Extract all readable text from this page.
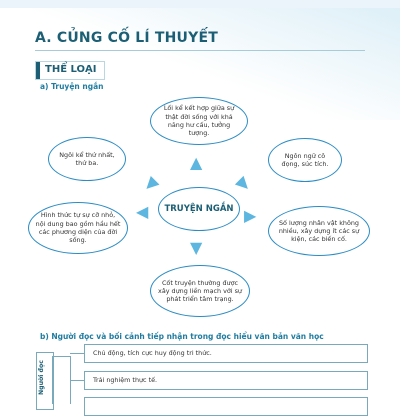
A. CỦNG CỐ LÍ THUYẾT
THỂ LOẠI
a) Truyện ngắn
Lối kể kết hợp giữa sự thật đời sống với khả năng hư cấu, tưởng tượng.
Ngôi kể thứ nhất, thứ ba.
Ngôn ngữ cô đọng, súc tích.
Hình thức tự sự cỡ nhỏ, nội dung bao gồm hầu hết các phương diện của đời sống.
Số lượng nhân vật không nhiều, xây dựng ít các sự kiện, các biến cố.
Cốt truyện thường được xây dựng liền mạch với sự phát triển tâm trạng.
TRUYỆN NGẮN
▲
▼
◀	▶
◀	▶
b) Người đọc và bối cảnh tiếp nhận trong đọc hiểu văn bản văn học
Người đọc
Chủ động, tích cực huy động tri thức.
Trải nghiệm thực tế.
